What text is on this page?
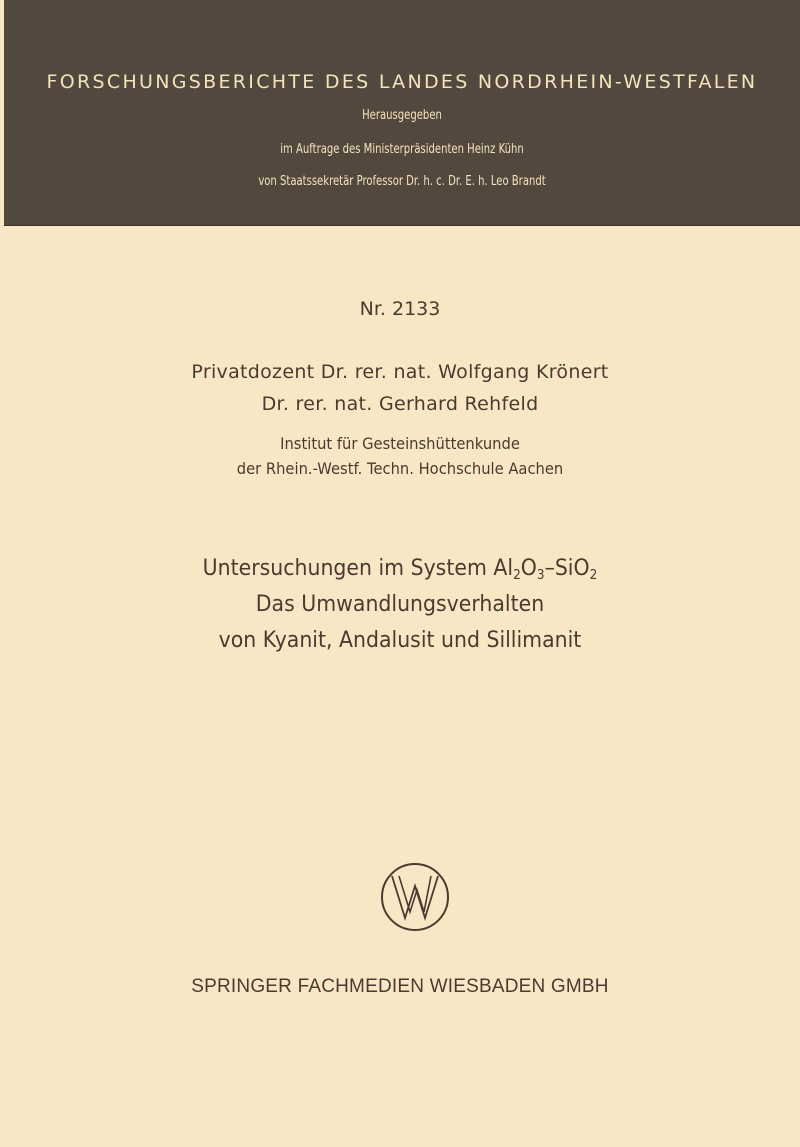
FORSCHUNGSBERICHTE DES LANDES NORDRHEIN-WESTFALEN
Herausgegeben
im Auftrage des Ministerpräsidenten Heinz Kühn
von Staatssekretär Professor Dr. h. c. Dr. E. h. Leo Brandt
Nr. 2133
Privatdozent Dr. rer. nat. Wolfgang Krönert
Dr. rer. nat. Gerhard Rehfeld
Institut für Gesteinshüttenkunde
der Rhein.-Westf. Techn. Hochschule Aachen
Untersuchungen im System $Al_2O_3-SiO_2$
Das Umwandlungsverhalten
von Kyanit, Andalusit und Sillimanit
SPRINGER FACHMEDIEN WIESBADEN GMBH
